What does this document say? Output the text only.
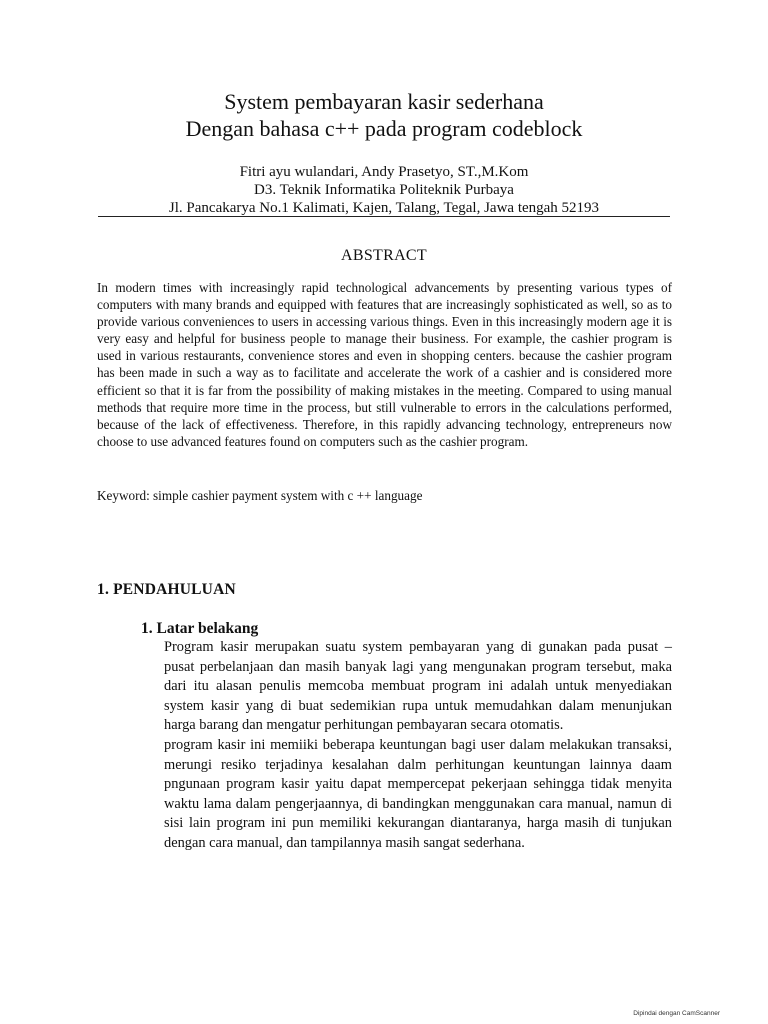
System pembayaran kasir sederhana
Dengan bahasa c++ pada program codeblock
Fitri ayu wulandari, Andy Prasetyo, ST.,M.Kom
D3. Teknik Informatika Politeknik Purbaya
Jl. Pancakarya No.1 Kalimati, Kajen, Talang, Tegal, Jawa tengah 52193
ABSTRACT

In modern times with increasingly rapid technological advancements by presenting various types of computers with many brands and equipped with features that are increasingly sophisticated as well, so as to provide various conveniences to users in accessing various things. Even in this increasingly modern age it is very easy and helpful for business people to manage their business. For example, the cashier program is used in various restaurants, convenience stores and even in shopping centers. because the cashier program has been made in such a way as to facilitate and accelerate the work of a cashier and is considered more efficient so that it is far from the possibility of making mistakes in the meeting. Compared to using manual methods that require more time in the process, but still vulnerable to errors in the calculations performed, because of the lack of effectiveness. Therefore, in this rapidly advancing technology, entrepreneurs now choose to use advanced features found on computers such as the cashier program.

Keyword: simple cashier payment system with c ++ language

1. PENDAHULUAN
1. Latar belakang

Program kasir merupakan suatu system pembayaran yang di gunakan pada pusat – pusat perbelanjaan dan masih banyak lagi yang mengunakan program tersebut, maka dari itu alasan penulis memcoba membuat program ini adalah untuk menyediakan system kasir yang di buat sedemikian rupa untuk memudahkan dalam menunjukan harga barang dan mengatur perhitungan pembayaran secara otomatis.

program kasir ini memiiki beberapa keuntungan bagi user dalam melakukan transaksi, merungi resiko terjadinya kesalahan dalm perhitungan keuntungan lainnya daam pngunaan program kasir yaitu dapat mempercepat pekerjaan sehingga tidak menyita waktu lama dalam pengerjaannya, di bandingkan menggunakan cara manual, namun di sisi lain program ini pun memiliki kekurangan diantaranya, harga masih di tunjukan dengan cara manual, dan tampilannya masih sangat sederhana.

Dipindai dengan CamScanner
